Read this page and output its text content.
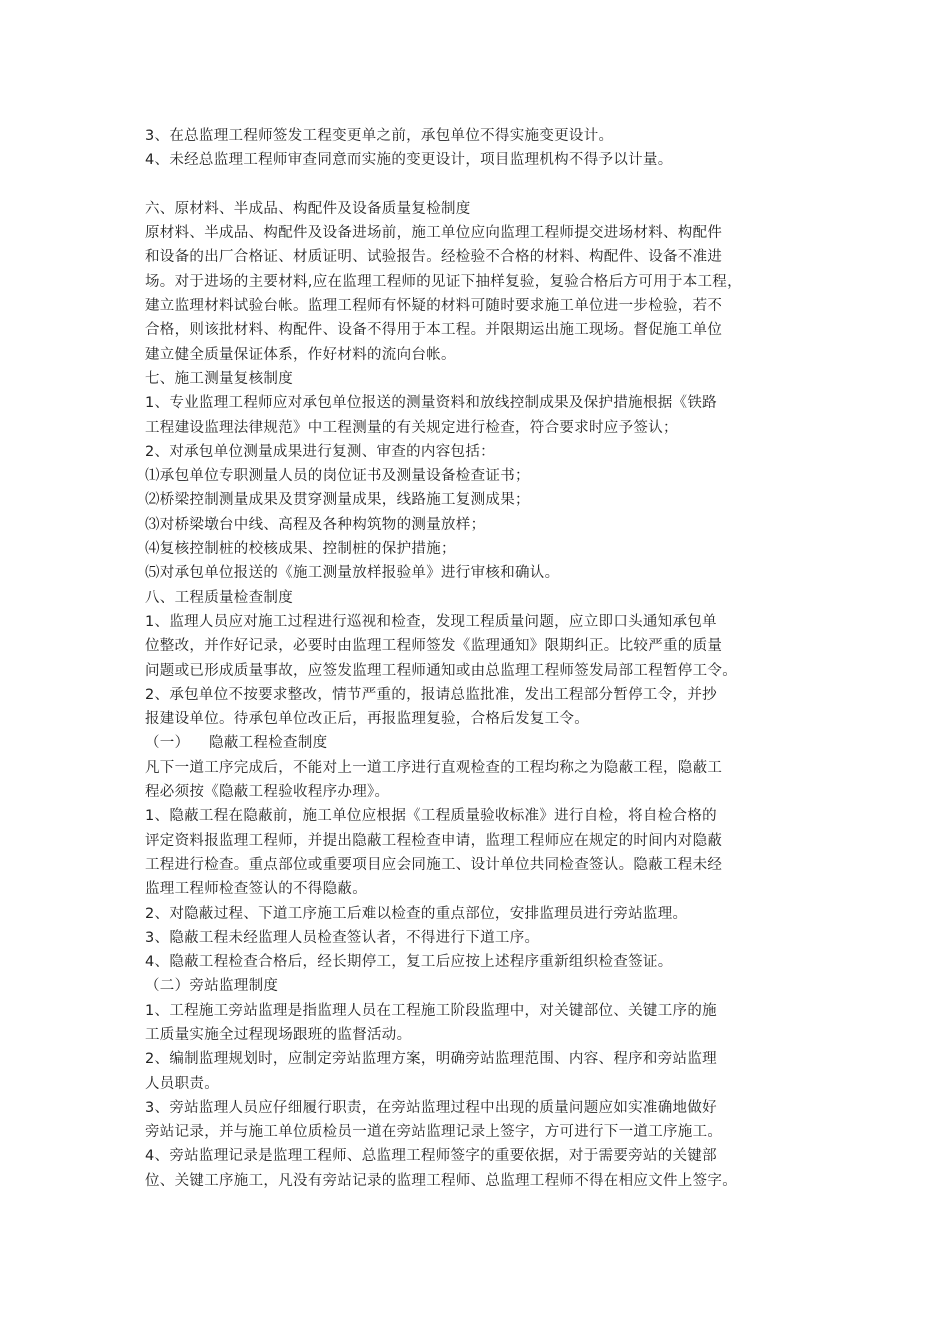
3、在总监理工程师签发工程变更单之前，承包单位不得实施变更设计。
4、未经总监理工程师审查同意而实施的变更设计，项目监理机构不得予以计量。
六、原材料、半成品、构配件及设备质量复检制度
原材料、半成品、构配件及设备进场前，施工单位应向监理工程师提交进场材料、构配件
和设备的出厂合格证、材质证明、试验报告。经检验不合格的材料、构配件、设备不准进
场。对于进场的主要材料,应在监理工程师的见证下抽样复验，复验合格后方可用于本工程，
建立监理材料试验台帐。监理工程师有怀疑的材料可随时要求施工单位进一步检验，若不
合格，则该批材料、构配件、设备不得用于本工程。并限期运出施工现场。督促施工单位
建立健全质量保证体系，作好材料的流向台帐。
七、施工测量复核制度
1、专业监理工程师应对承包单位报送的测量资料和放线控制成果及保护措施根据《铁路
工程建设监理法律规范》中工程测量的有关规定进行检查，符合要求时应予签认；
2、对承包单位测量成果进行复测、审查的内容包括：
⑴承包单位专职测量人员的岗位证书及测量设备检查证书；
⑵桥梁控制测量成果及贯穿测量成果，线路施工复测成果；
⑶对桥梁墩台中线、高程及各种构筑物的测量放样；
⑷复核控制桩的校核成果、控制桩的保护措施；
⑸对承包单位报送的《施工测量放样报验单》进行审核和确认。
八、工程质量检查制度
1、监理人员应对施工过程进行巡视和检查，发现工程质量问题，应立即口头通知承包单
位整改，并作好记录，必要时由监理工程师签发《监理通知》限期纠正。比较严重的质量
问题或已形成质量事故，应签发监理工程师通知或由总监理工程师签发局部工程暂停工令。
2、承包单位不按要求整改，情节严重的，报请总监批准，发出工程部分暂停工令，并抄
报建设单位。待承包单位改正后，再报监理复验，合格后发复工令。
（一）    隐蔽工程检查制度
凡下一道工序完成后，不能对上一道工序进行直观检查的工程均称之为隐蔽工程，隐蔽工
程必须按《隐蔽工程验收程序办理》。
1、隐蔽工程在隐蔽前，施工单位应根据《工程质量验收标准》进行自检，将自检合格的
评定资料报监理工程师，并提出隐蔽工程检查申请，监理工程师应在规定的时间内对隐蔽
工程进行检查。重点部位或重要项目应会同施工、设计单位共同检查签认。隐蔽工程未经
监理工程师检查签认的不得隐蔽。
2、对隐蔽过程、下道工序施工后难以检查的重点部位，安排监理员进行旁站监理。
3、隐蔽工程未经监理人员检查签认者，不得进行下道工序。
4、隐蔽工程检查合格后，经长期停工，复工后应按上述程序重新组织检查签证。
（二）旁站监理制度
1、工程施工旁站监理是指监理人员在工程施工阶段监理中，对关键部位、关键工序的施
工质量实施全过程现场跟班的监督活动。
2、编制监理规划时，应制定旁站监理方案，明确旁站监理范围、内容、程序和旁站监理
人员职责。
3、旁站监理人员应仔细履行职责，在旁站监理过程中出现的质量问题应如实准确地做好
旁站记录，并与施工单位质检员一道在旁站监理记录上签字，方可进行下一道工序施工。
4、旁站监理记录是监理工程师、总监理工程师签字的重要依据，对于需要旁站的关键部
位、关键工序施工，凡没有旁站记录的监理工程师、总监理工程师不得在相应文件上签字。
